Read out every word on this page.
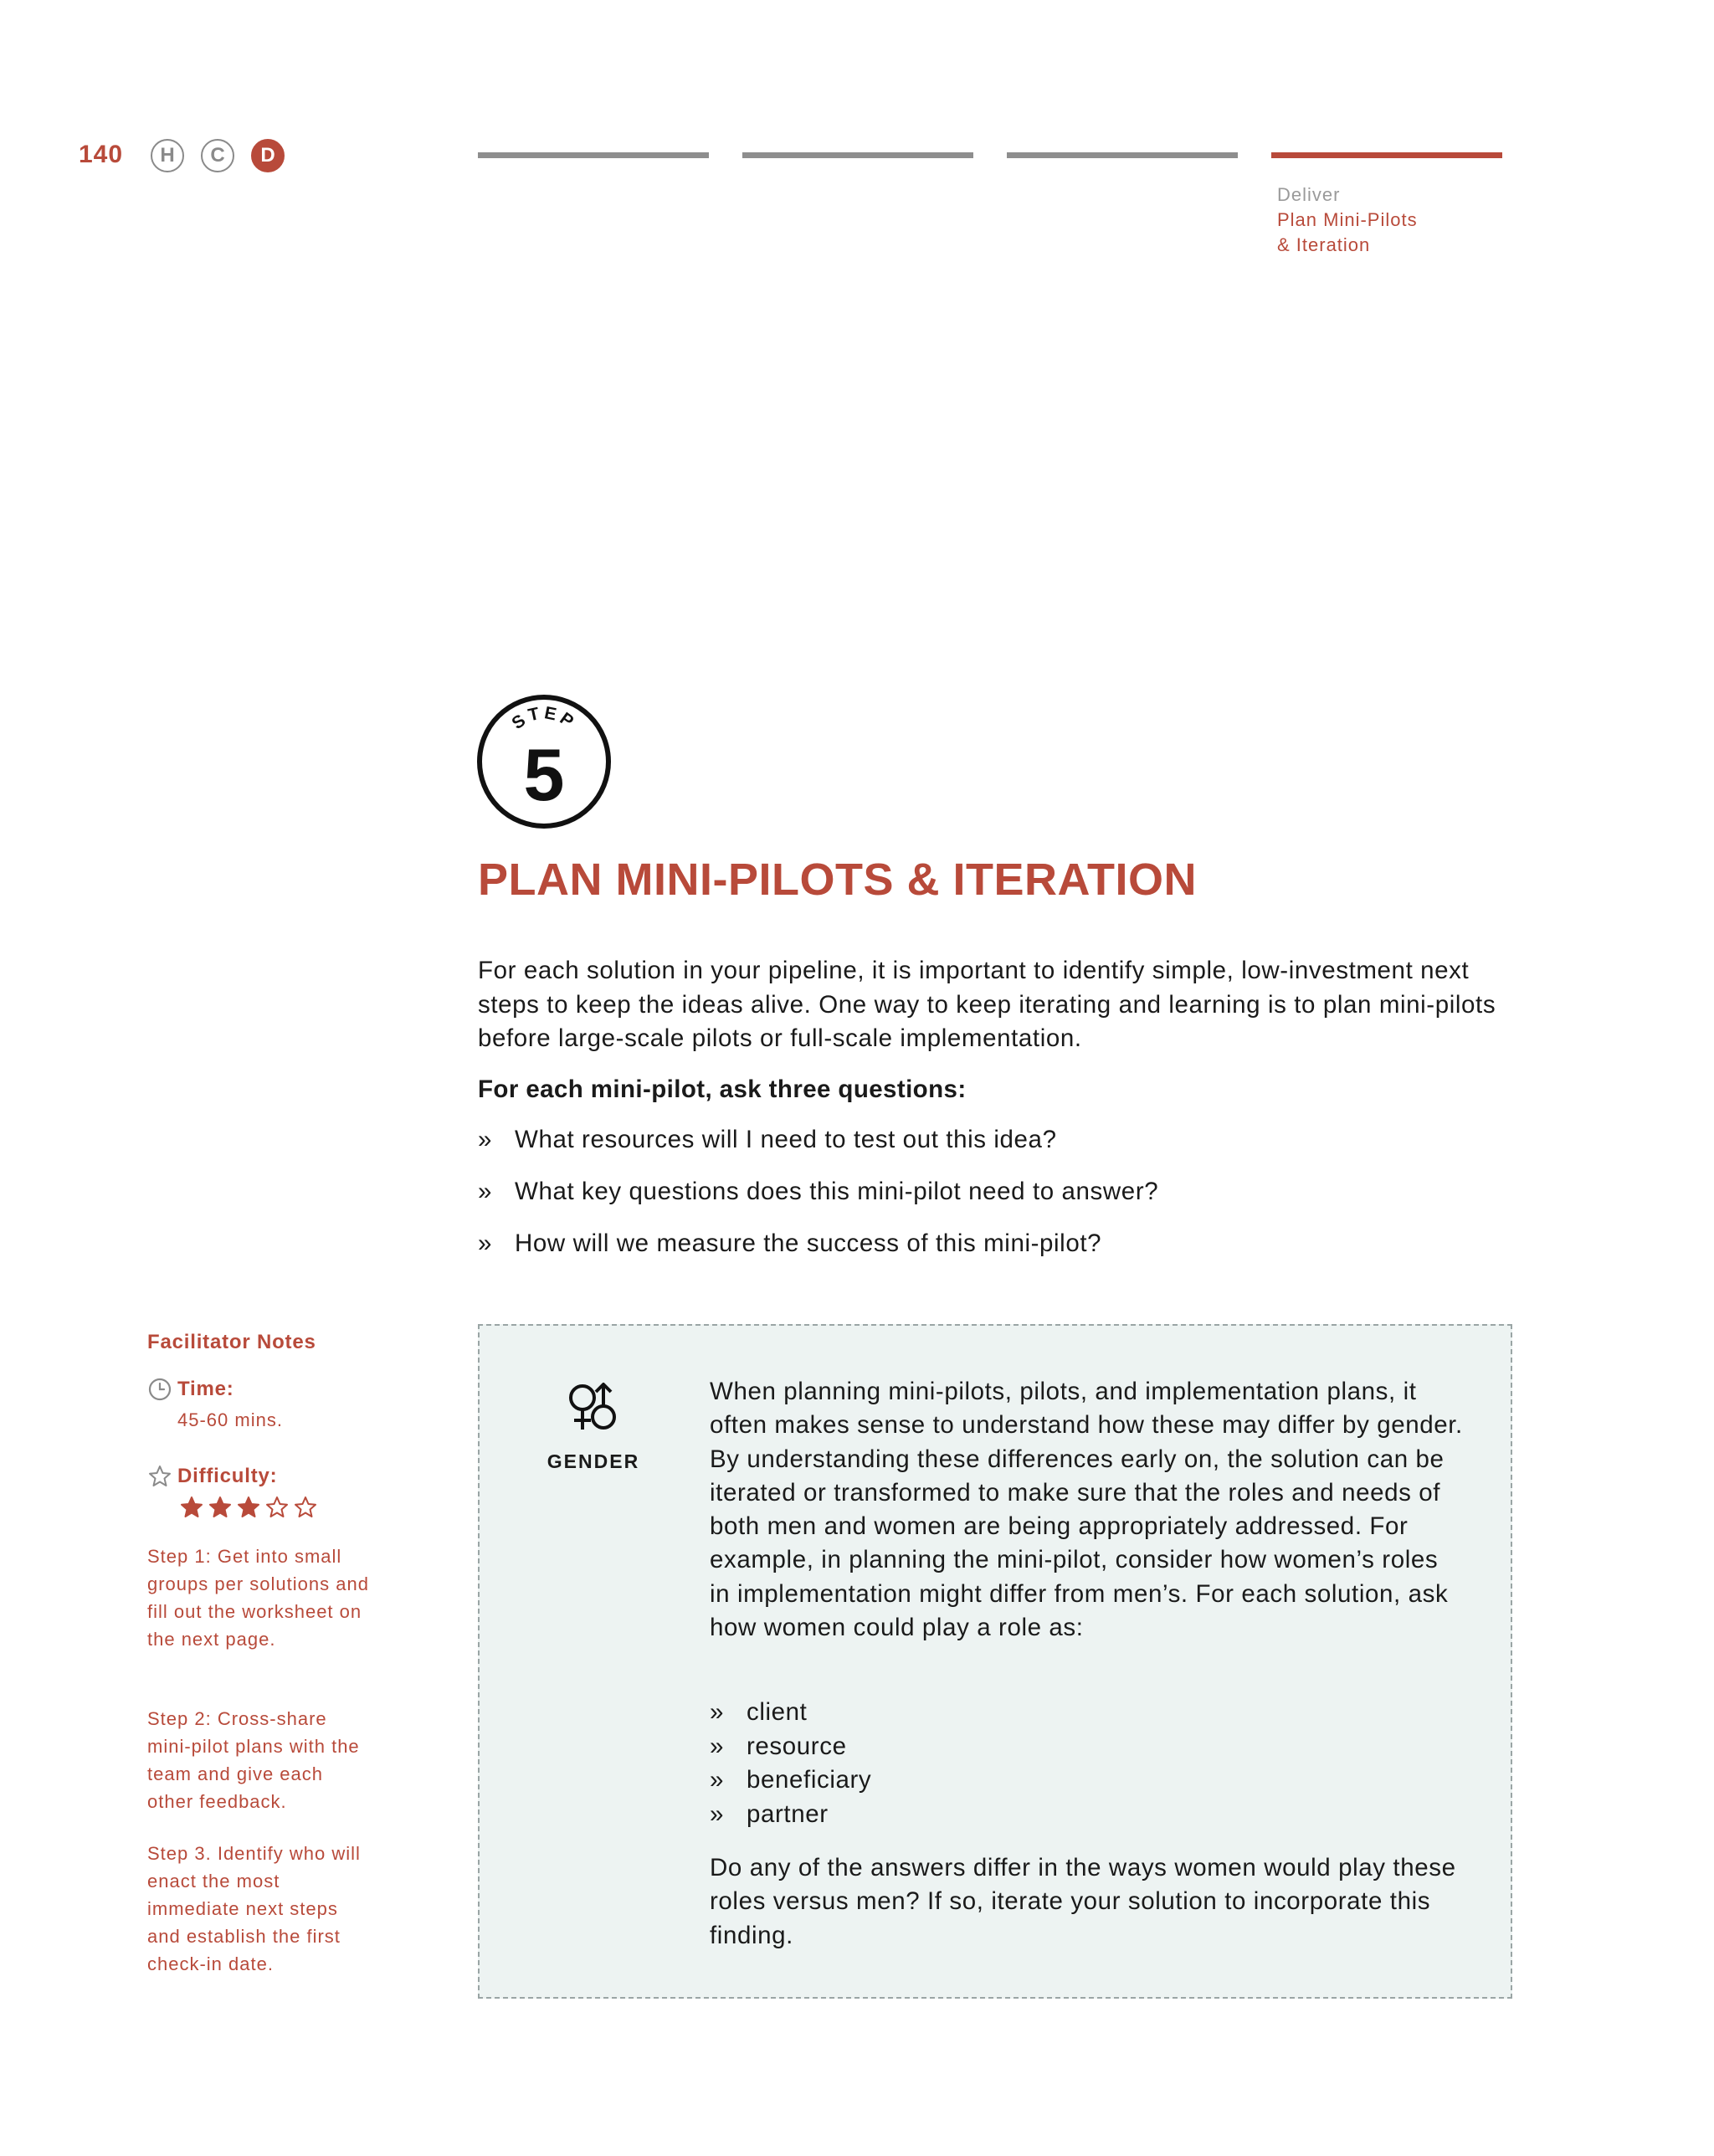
140	H	C	D
Deliver
Plan Mini-Pilots
& Iteration
STEP
5
PLAN MINI-PILOTS & ITERATION
For each solution in your pipeline, it is important to identify simple, low-investment next steps to keep the ideas alive. One way to keep iterating and learning is to plan mini-pilots before large-scale pilots or full-scale implementation.
For each mini-pilot, ask three questions:
» What resources will I need to test out this idea?
» What key questions does this mini-pilot need to answer?
» How will we measure the success of this mini-pilot?
Facilitator Notes
Time:
45-60 mins.
Difficulty:
Step 1: Get into small groups per solutions and fill out the worksheet on the next page.
Step 2: Cross-share mini-pilot plans with the team and give each other feedback.
Step 3. Identify who will enact the most immediate next steps and establish the first check-in date.
GENDER
When planning mini-pilots, pilots, and implementation plans, it often makes sense to understand how these may differ by gender. By understanding these differences early on, the solution can be iterated or transformed to make sure that the roles and needs of both men and women are being appropriately addressed. For example, in planning the mini-pilot, consider how women’s roles in implementation might differ from men’s. For each solution, ask how women could play a role as:
» client
» resource
» beneficiary
» partner
Do any of the answers differ in the ways women would play these roles versus men? If so, iterate your solution to incorporate this finding.
